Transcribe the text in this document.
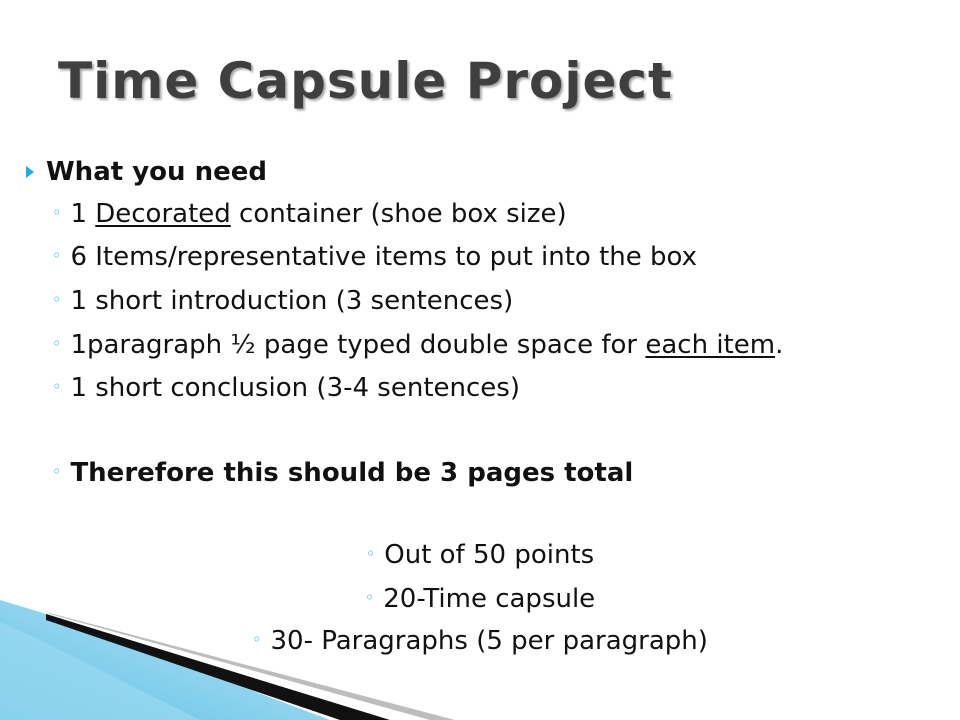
Time Capsule Project
What you need
◦ 1 Decorated container (shoe box size)
◦ 6 Items/representative items to put into the box
◦ 1 short introduction (3 sentences)
◦ 1paragraph ½ page typed double space for each item.
◦ 1 short conclusion (3-4 sentences)
◦ Therefore this should be 3 pages total
◦ Out of 50 points
◦ 20-Time capsule
◦ 30- Paragraphs (5 per paragraph)
